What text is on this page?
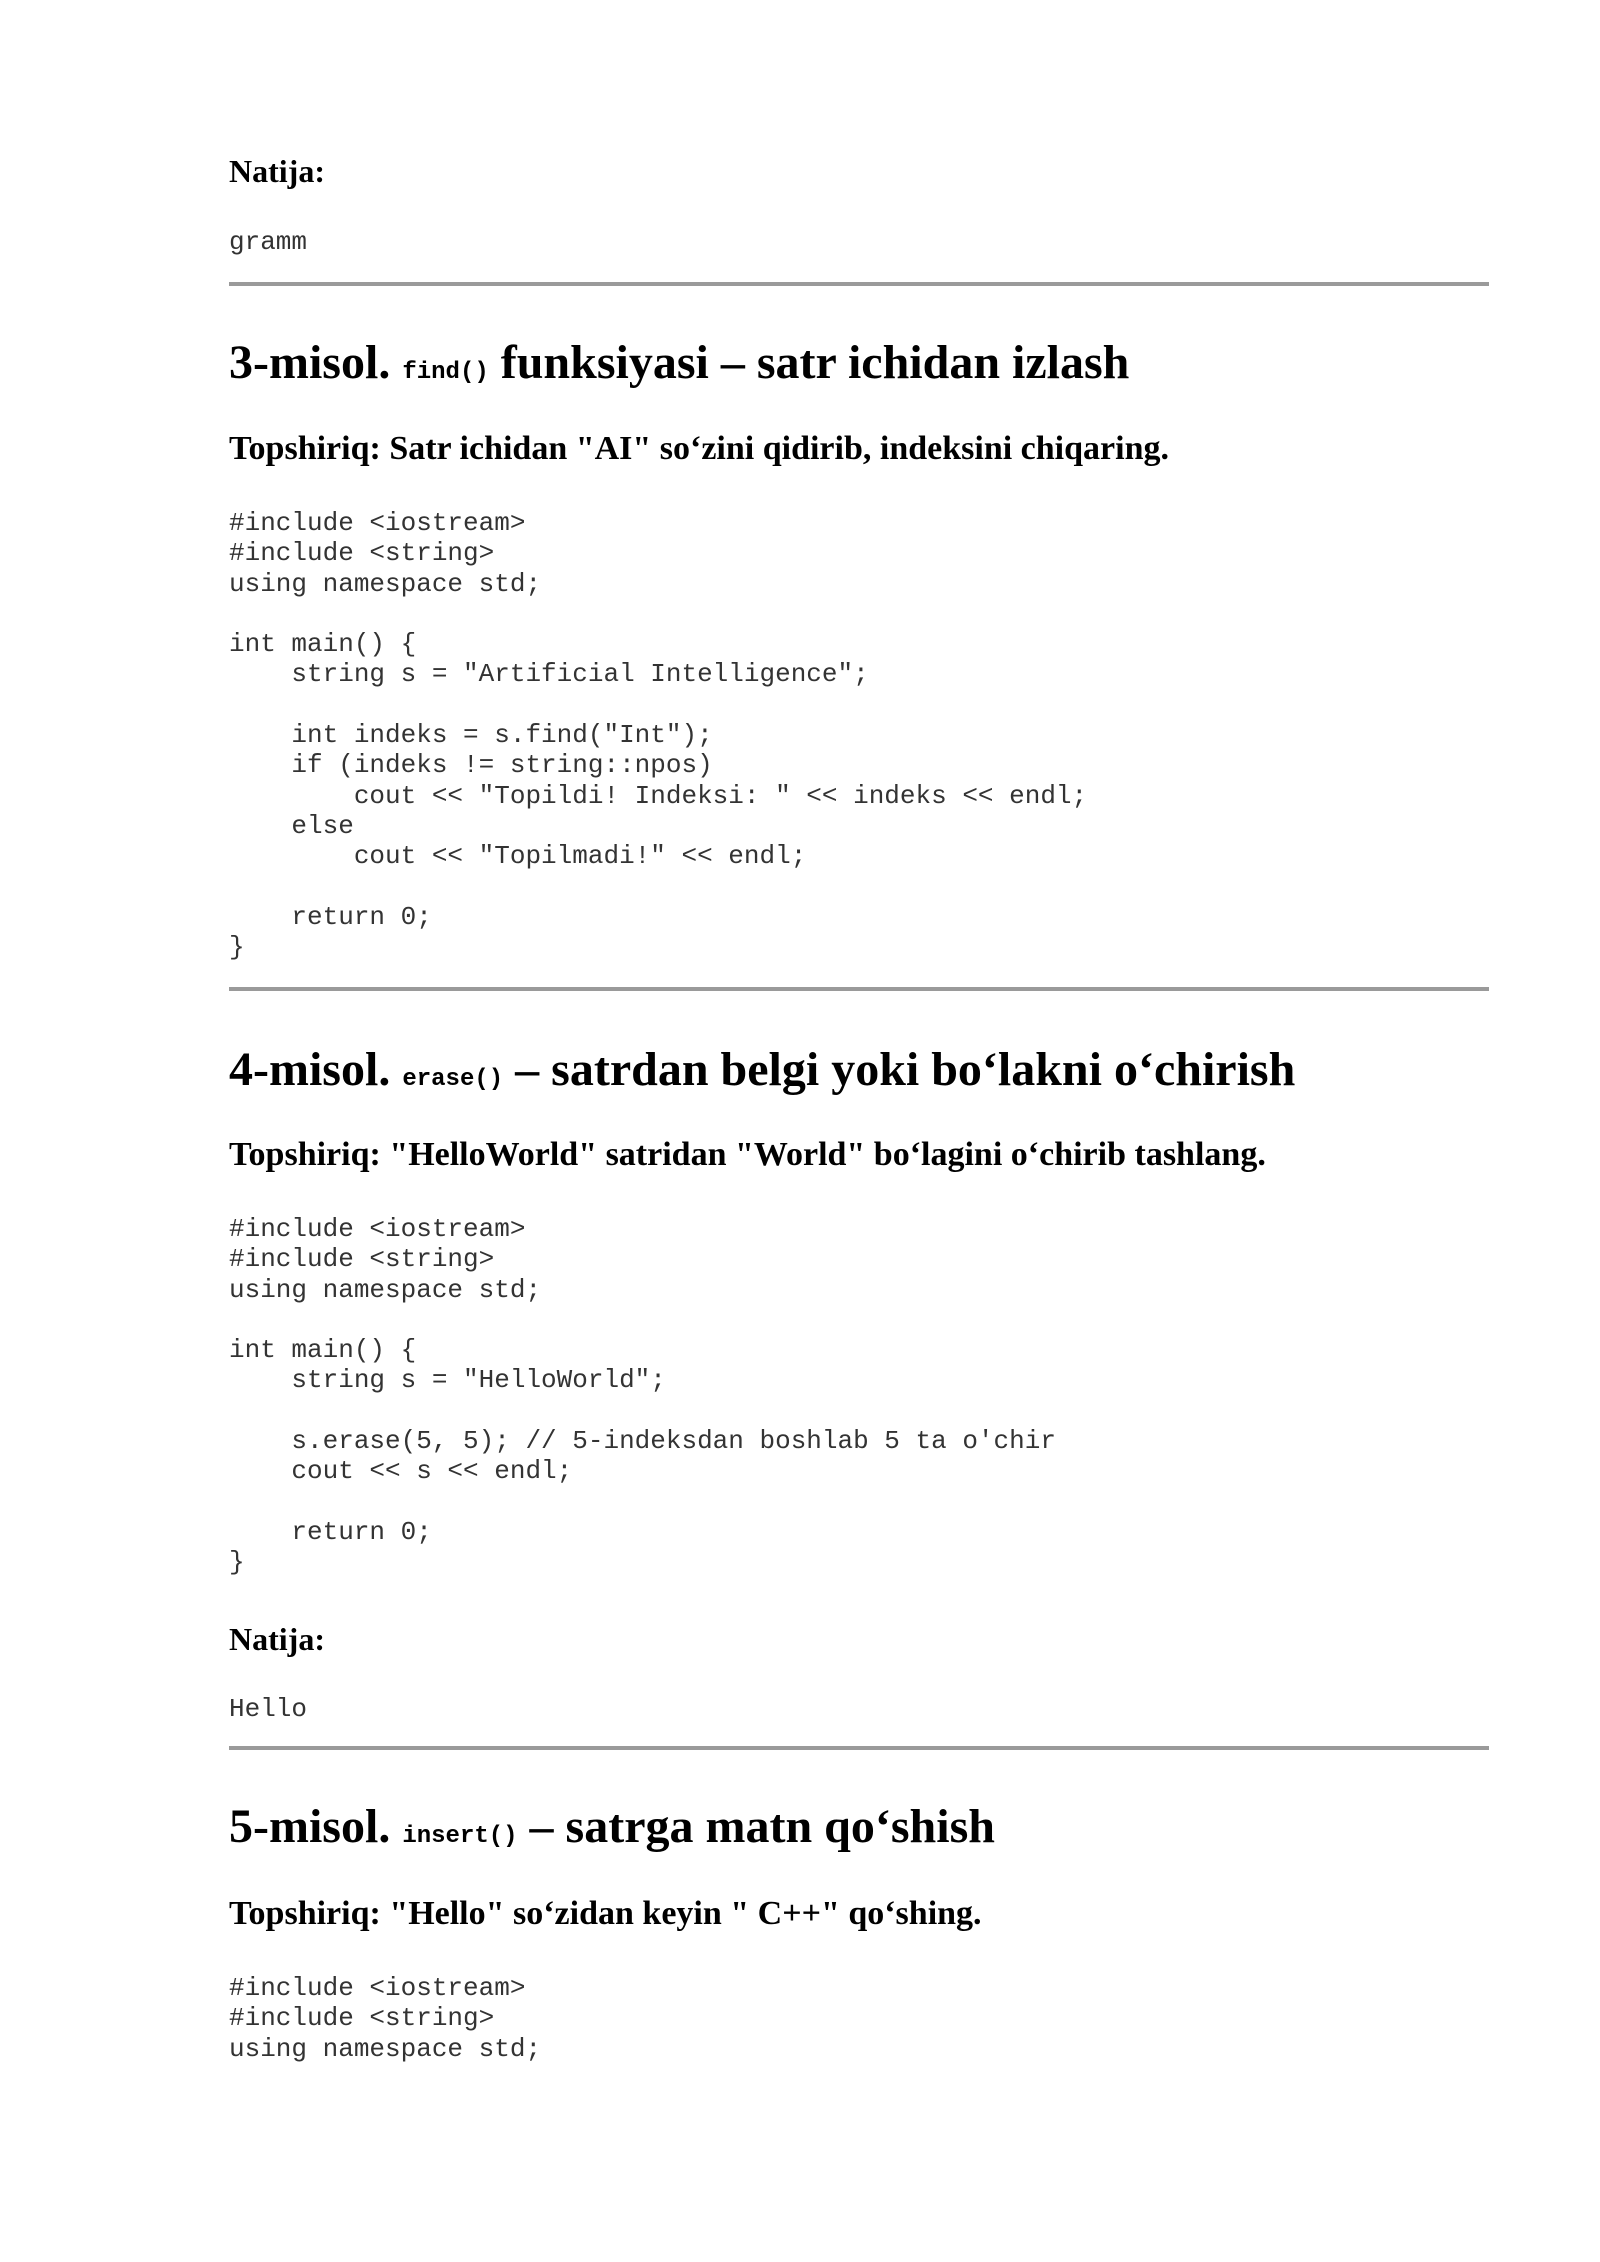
Natija:
gramm
3-misol. find() funksiyasi – satr ichidan izlash
Topshiriq: Satr ichidan "AI" so‘zini qidirib, indeksini chiqaring.
#include <iostream>
#include <string>
using namespace std;

int main() {
string s = "Artificial Intelligence";

int indeks = s.find("Int");
if (indeks != string::npos)
cout << "Topildi! Indeksi: " << indeks << endl;
else
cout << "Topilmadi!" << endl;

return 0;
}
4-misol. erase() – satrdan belgi yoki bo‘lakni o‘chirish
Topshiriq: "HelloWorld" satridan "World" bo‘lagini o‘chirib tashlang.
#include <iostream>
#include <string>
using namespace std;

int main() {
string s = "HelloWorld";

s.erase(5, 5); // 5-indeksdan boshlab 5 ta o'chir
cout << s << endl;

return 0;
}
Natija:
Hello
5-misol. insert() – satrga matn qo‘shish
Topshiriq: "Hello" so‘zidan keyin " C++" qo‘shing.
#include <iostream>
#include <string>
using namespace std;
